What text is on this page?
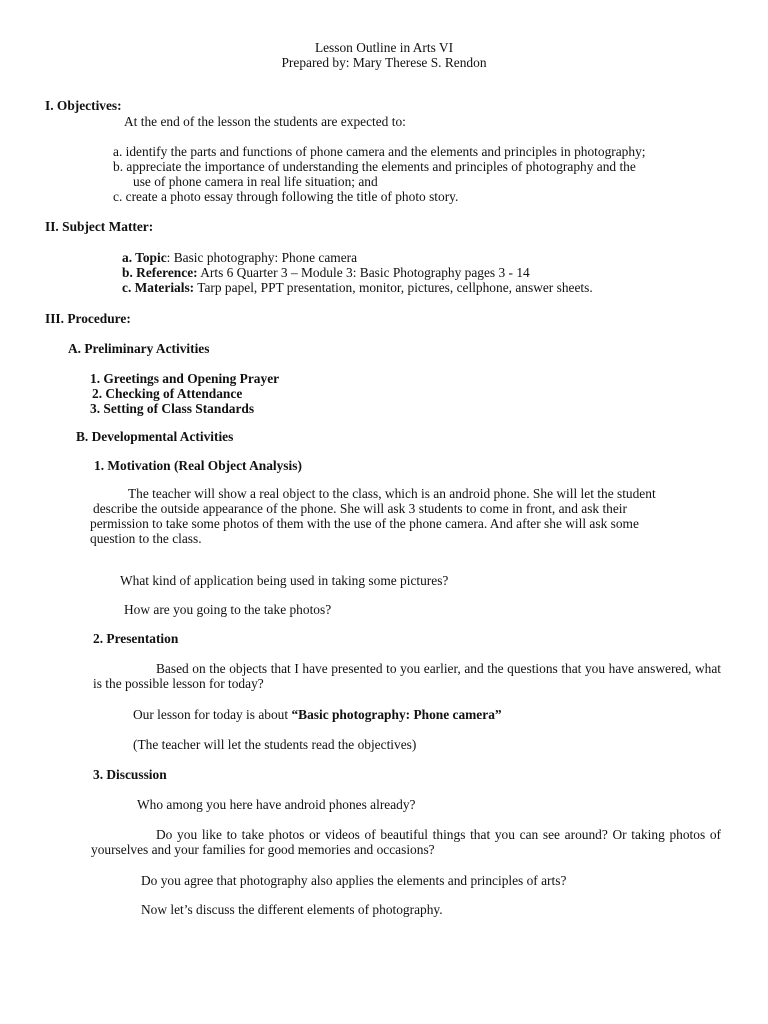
Lesson Outline in Arts VI

Prepared by: Mary Therese S. Rendon

I. Objectives:

At the end of the lesson the students are expected to:

a. identify the parts and functions of phone camera and the elements and principles in photography;

b. appreciate the importance of understanding the elements and principles of photography and the

use of phone camera in real life situation; and

c. create a photo essay through following the title of photo story.

II. Subject Matter:

a. Topic: Basic photography: Phone camera

b. Reference: Arts 6 Quarter 3 – Module 3: Basic Photography pages 3 - 14

c. Materials: Tarp papel, PPT presentation, monitor, pictures, cellphone, answer sheets.

III. Procedure:

A. Preliminary Activities

1. Greetings and Opening Prayer

2. Checking of Attendance

3. Setting of Class Standards

B. Developmental Activities

1. Motivation (Real Object Analysis)

The teacher will show a real object to the class, which is an android phone. She will let the student

describe the outside appearance of the phone. She will ask 3 students to come in front, and ask their

permission to take some photos of them with the use of the phone camera. And after she will ask some

question to the class.

What kind of application being used in taking some pictures?

How are you going to the take photos?

2. Presentation

Based on the objects that I have presented to you earlier, and the questions that you have answered, what is the possible lesson for today?

Our lesson for today is about “Basic photography: Phone camera”

(The teacher will let the students read the objectives)

3. Discussion

Who among you here have android phones already?

Do you like to take photos or videos of beautiful things that you can see around? Or taking photos of yourselves and your families for good memories and occasions?

Do you agree that photography also applies the elements and principles of arts?

Now let’s discuss the different elements of photography.
